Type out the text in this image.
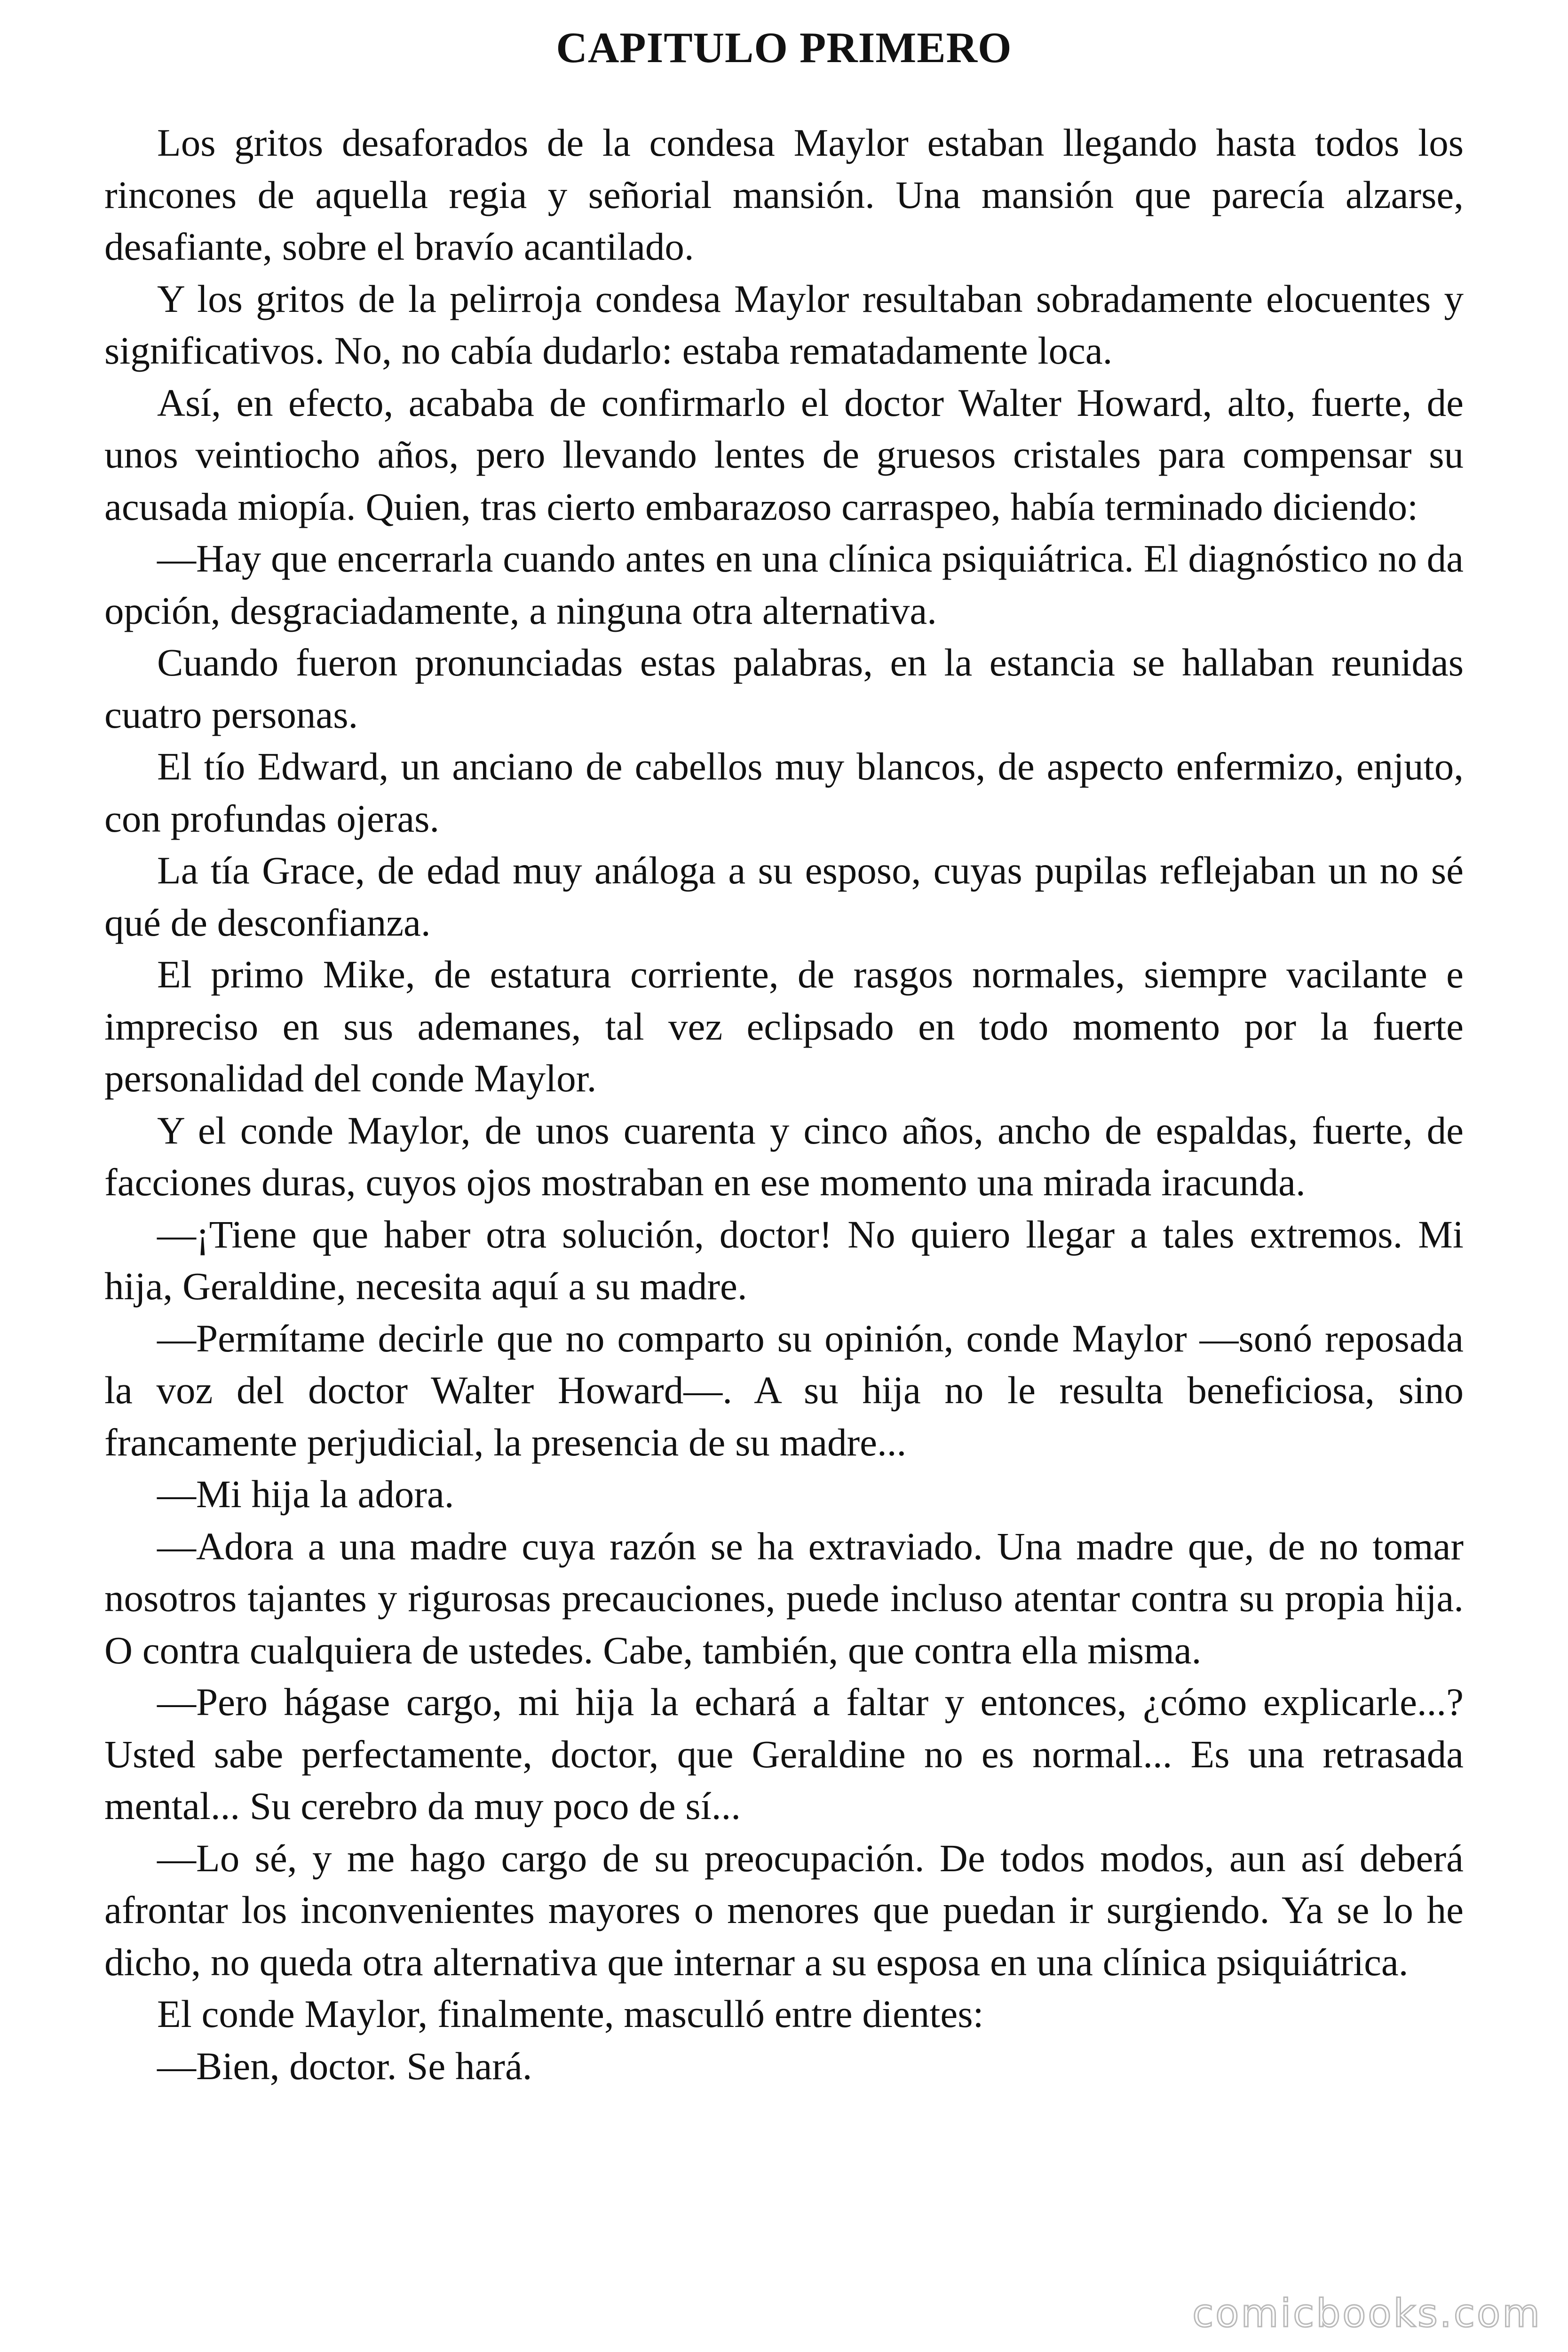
CAPITULO PRIMERO

Los gritos desaforados de la condesa Maylor estaban llegando hasta todos los rincones de aquella regia y señorial mansión. Una mansión que parecía alzarse, desafiante, sobre el bravío acantilado.

Y los gritos de la pelirroja condesa Maylor resultaban sobradamente elocuentes y significativos. No, no cabía dudarlo: estaba rematadamente loca.

Así, en efecto, acababa de confirmarlo el doctor Walter Howard, alto, fuerte, de unos veintiocho años, pero llevando lentes de gruesos cristales para compensar su acusada miopía. Quien, tras cierto embarazoso carraspeo, había terminado diciendo:

—Hay que encerrarla cuando antes en una clínica psiquiátrica. El diagnóstico no da opción, desgraciadamente, a ninguna otra alternativa.

Cuando fueron pronunciadas estas palabras, en la estancia se hallaban reunidas cuatro personas.

El tío Edward, un anciano de cabellos muy blancos, de aspecto enfermizo, enjuto, con profundas ojeras.

La tía Grace, de edad muy análoga a su esposo, cuyas pupilas reflejaban un no sé qué de desconfianza.

El primo Mike, de estatura corriente, de rasgos normales, siempre vacilante e impreciso en sus ademanes, tal vez eclipsado en todo momento por la fuerte personalidad del conde Maylor.

Y el conde Maylor, de unos cuarenta y cinco años, ancho de espaldas, fuerte, de facciones duras, cuyos ojos mostraban en ese momento una mirada iracunda.

—¡Tiene que haber otra solución, doctor! No quiero llegar a tales extremos. Mi hija, Geraldine, necesita aquí a su madre.

—Permítame decirle que no comparto su opinión, conde Maylor —sonó reposada la voz del doctor Walter Howard—. A su hija no le resulta beneficiosa, sino francamente perjudicial, la presencia de su madre...

—Mi hija la adora.

—Adora a una madre cuya razón se ha extraviado. Una madre que, de no tomar nosotros tajantes y rigurosas precauciones, puede incluso atentar contra su propia hija. O contra cualquiera de ustedes. Cabe, también, que contra ella misma.

—Pero hágase cargo, mi hija la echará a faltar y entonces, ¿cómo explicarle...? Usted sabe perfectamente, doctor, que Geraldine no es normal... Es una retrasada mental... Su cerebro da muy poco de sí...

—Lo sé, y me hago cargo de su preocupación. De todos modos, aun así deberá afrontar los inconvenientes mayores o menores que puedan ir surgiendo. Ya se lo he dicho, no queda otra alternativa que internar a su esposa en una clínica psiquiátrica.

El conde Maylor, finalmente, masculló entre dientes:

—Bien, doctor. Se hará.

comicbooks.com
